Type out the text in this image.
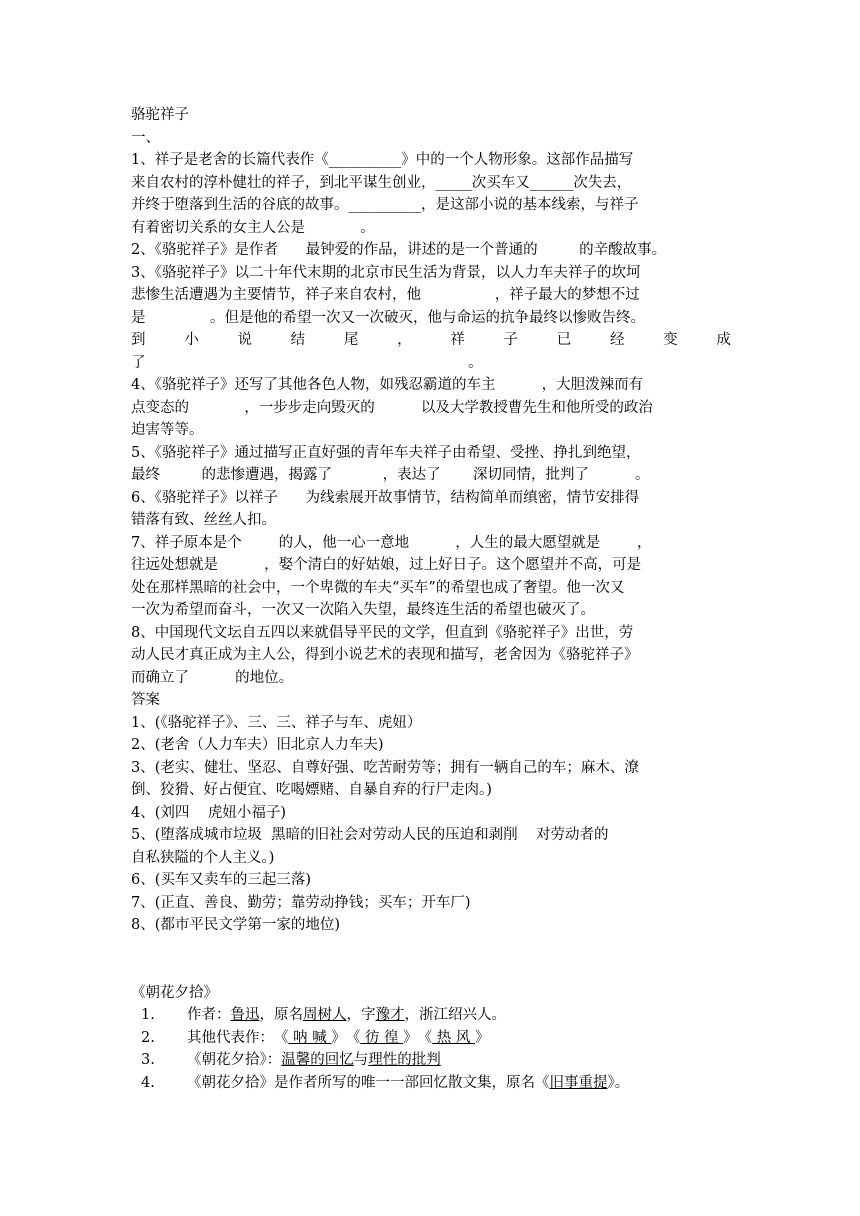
骆驼祥子
一、
1、祥子是老舍的长篇代表作《__________》中的一个人物形象。这部作品描写
来自农村的淳朴健壮的祥子，到北平谋生创业，_____次买车又______次失去，
并终于堕落到生活的谷底的故事。__________，是这部小说的基本线索，与祥子
有着密切关系的女主人公是            。
2、《骆驼祥子》是作者      最钟爱的作品，讲述的是一个普通的         的辛酸故事。
3、《骆驼祥子》以二十年代末期的北京市民生活为背景，以人力车夫祥子的坎坷
悲惨生活遭遇为主要情节，祥子来自农村，他                ，祥子最大的梦想不过
是              。但是他的希望一次又一次破灭，他与命运的抗争最终以惨败告终。
到	小	说	结	尾	，	祥	子	已	经	变	成
了                                                                      。
4、《骆驼祥子》还写了其他各色人物，如残忍霸道的车主          ，大胆泼辣而有
点变态的            ，一步步走向毁灭的          以及大学教授曹先生和他所受的政治
迫害等等。
5、《骆驼祥子》通过描写正直好强的青年车夫祥子由希望、受挫、挣扎到绝望，
最终         的悲惨遭遇，揭露了           ，表达了       深切同情，批判了          。
6、《骆驼祥子》以祥子      为线索展开故事情节，结构简单而缜密，情节安排得
错落有致、丝丝人扣。
7、祥子原本是个        的人，他一心一意地          ，人生的最大愿望就是        ，
往远处想就是          ，娶个清白的好姑娘，过上好日子。这个愿望并不高，可是
处在那样黑暗的社会中，一个卑微的车夫“买车”的希望也成了奢望。他一次又
一次为希望而奋斗，一次又一次陷入失望，最终连生活的希望也破灭了。
8、中国现代文坛自五四以来就倡导平民的文学，但直到《骆驼祥子》出世，劳
动人民才真正成为主人公，得到小说艺术的表现和描写，老舍因为《骆驼祥子》
而确立了          的地位。
答案
1、(《骆驼祥子》、三、三、祥子与车、虎妞）
2、(老舍（人力车夫）旧北京人力车夫)
3、(老实、健壮、坚忍、自尊好强、吃苦耐劳等；拥有一辆自己的车；麻木、潦
倒、狡猾、好占便宜、吃喝嫖赌、自暴自弃的行尸走肉。)
4、(刘四    虎妞小福子)
5、(堕落成城市垃圾  黑暗的旧社会对劳动人民的压迫和剥削    对劳动者的
自私狭隘的个人主义。)
6、(买车又卖车的三起三落)
7、(正直、善良、勤劳；靠劳动挣钱；买车；开车厂)
8、(都市平民文学第一家的地位)
《朝花夕拾》
1.	作者： 鲁迅 ，原名 周树人 ，字 豫才 ，浙江绍兴人。
2.	其他代表作： 《 呐 喊 》 《 彷 徨 》 《 热 风 》
3.	《朝花夕拾》： 温馨的回忆 与 理性的批判
4.	《朝花夕拾》是作者所写的唯一一部回忆散文集，原名《 旧事重提 》。
